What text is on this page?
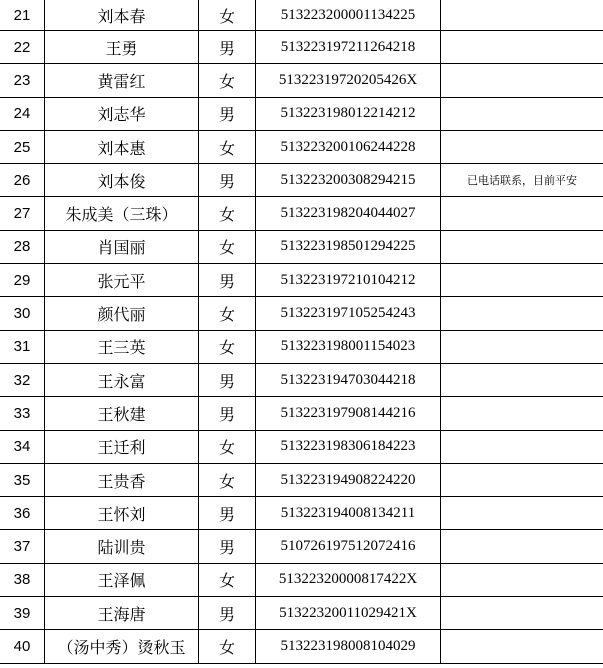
21	刘本春	女	513223200001134225	
22	王勇	男	513223197211264218	
23	黄雷红	女	51322319720205426X	
24	刘志华	男	513223198012214212	
25	刘本惠	女	513223200106244228	
26	刘本俊	男	513223200308294215	已电话联系，目前平安
27	朱成美（三珠）	女	513223198204044027	
28	肖国丽	女	513223198501294225	
29	张元平	男	513223197210104212	
30	颜代丽	女	513223197105254243	
31	王三英	女	513223198001154023	
32	王永富	男	513223194703044218	
33	王秋建	男	513223197908144216	
34	王迁利	女	513223198306184223	
35	王贵香	女	513223194908224220	
36	王怀刘	男	513223194008134211	
37	陆训贵	男	510726197512072416	
38	王泽佩	女	51322320000817422X	
39	王海唐	男	51322320011029421X	
40	（汤中秀）烫秋玉	女	513223198008104029	
